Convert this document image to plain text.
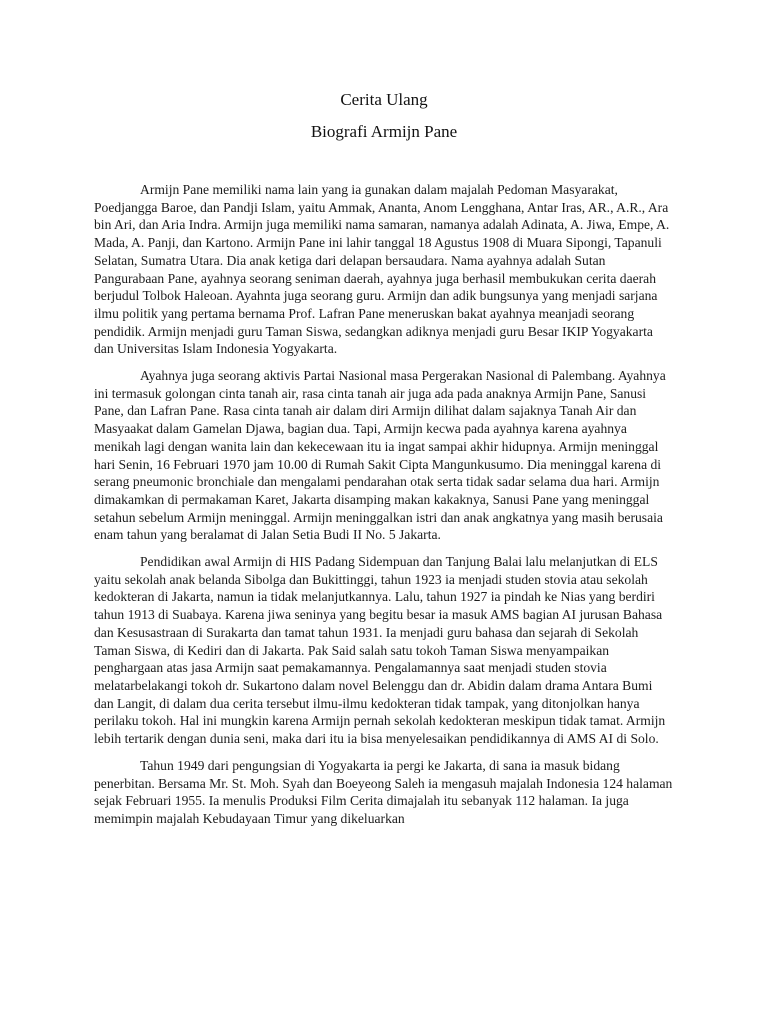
Cerita Ulang
Biografi Armijn Pane

Armijn Pane memiliki nama lain yang ia gunakan dalam majalah Pedoman Masyarakat, Poedjangga Baroe, dan Pandji Islam, yaitu Ammak, Ananta, Anom Lengghana, Antar Iras, AR., A.R., Ara bin Ari, dan Aria Indra. Armijn juga memiliki nama samaran, namanya adalah Adinata, A. Jiwa, Empe, A. Mada, A. Panji, dan Kartono. Armijn Pane ini lahir tanggal 18 Agustus 1908 di Muara Sipongi, Tapanuli Selatan, Sumatra Utara. Dia anak ketiga dari delapan bersaudara. Nama ayahnya adalah Sutan Pangurabaan Pane, ayahnya seorang seniman daerah, ayahnya juga berhasil membukukan cerita daerah berjudul Tolbok Haleoan. Ayahnta juga seorang guru. Armijn dan adik bungsunya yang menjadi sarjana ilmu politik yang pertama bernama Prof. Lafran Pane meneruskan bakat ayahnya meanjadi seorang pendidik. Armijn menjadi guru Taman Siswa, sedangkan adiknya menjadi guru Besar IKIP Yogyakarta dan Universitas Islam Indonesia Yogyakarta.

Ayahnya juga seorang aktivis Partai Nasional masa Pergerakan Nasional di Palembang. Ayahnya ini termasuk golongan cinta tanah air, rasa cinta tanah air juga ada pada anaknya Armijn Pane, Sanusi Pane, dan Lafran Pane. Rasa cinta tanah air dalam diri Armijn dilihat dalam sajaknya Tanah Air dan Masyaakat dalam Gamelan Djawa, bagian dua. Tapi, Armijn kecwa pada ayahnya karena ayahnya menikah lagi dengan wanita lain dan kekecewaan itu ia ingat sampai akhir hidupnya. Armijn meninggal hari Senin, 16 Februari 1970 jam 10.00 di Rumah Sakit Cipta Mangunkusumo. Dia meninggal karena di serang pneumonic bronchiale dan mengalami pendarahan otak serta tidak sadar selama dua hari. Armijn dimakamkan di permakaman Karet, Jakarta disamping makan kakaknya, Sanusi Pane yang meninggal setahun sebelum Armijn meninggal. Armijn meninggalkan istri dan anak angkatnya yang masih berusaia enam tahun yang beralamat di Jalan Setia Budi II No. 5 Jakarta.

Pendidikan awal Armijn di HIS Padang Sidempuan dan Tanjung Balai lalu melanjutkan di ELS yaitu sekolah anak belanda Sibolga dan Bukittinggi, tahun 1923 ia menjadi studen stovia atau sekolah kedokteran di Jakarta, namun ia tidak melanjutkannya. Lalu, tahun 1927 ia pindah ke Nias yang berdiri tahun 1913 di Suabaya. Karena jiwa seninya yang begitu besar ia masuk AMS bagian AI jurusan Bahasa dan Kesusastraan di Surakarta dan tamat tahun 1931. Ia menjadi guru bahasa dan sejarah di Sekolah Taman Siswa, di Kediri dan di Jakarta. Pak Said salah satu tokoh Taman Siswa menyampaikan penghargaan atas jasa Armijn saat pemakamannya. Pengalamannya saat menjadi studen stovia melatarbelakangi tokoh dr. Sukartono dalam novel Belenggu dan dr. Abidin dalam drama Antara Bumi dan Langit, di dalam dua cerita tersebut ilmu-ilmu kedokteran tidak tampak, yang ditonjolkan hanya perilaku tokoh. Hal ini mungkin karena Armijn pernah sekolah kedokteran meskipun tidak tamat. Armijn lebih tertarik dengan dunia seni, maka dari itu ia bisa menyelesaikan pendidikannya di AMS AI di Solo.

Tahun 1949 dari pengungsian di Yogyakarta ia pergi ke Jakarta, di sana ia masuk bidang penerbitan. Bersama Mr. St. Moh. Syah dan Boeyeong Saleh ia mengasuh majalah Indonesia 124 halaman sejak Februari 1955. Ia menulis Produksi Film Cerita dimajalah itu sebanyak 112 halaman. Ia juga memimpin majalah Kebudayaan Timur yang dikeluarkan
